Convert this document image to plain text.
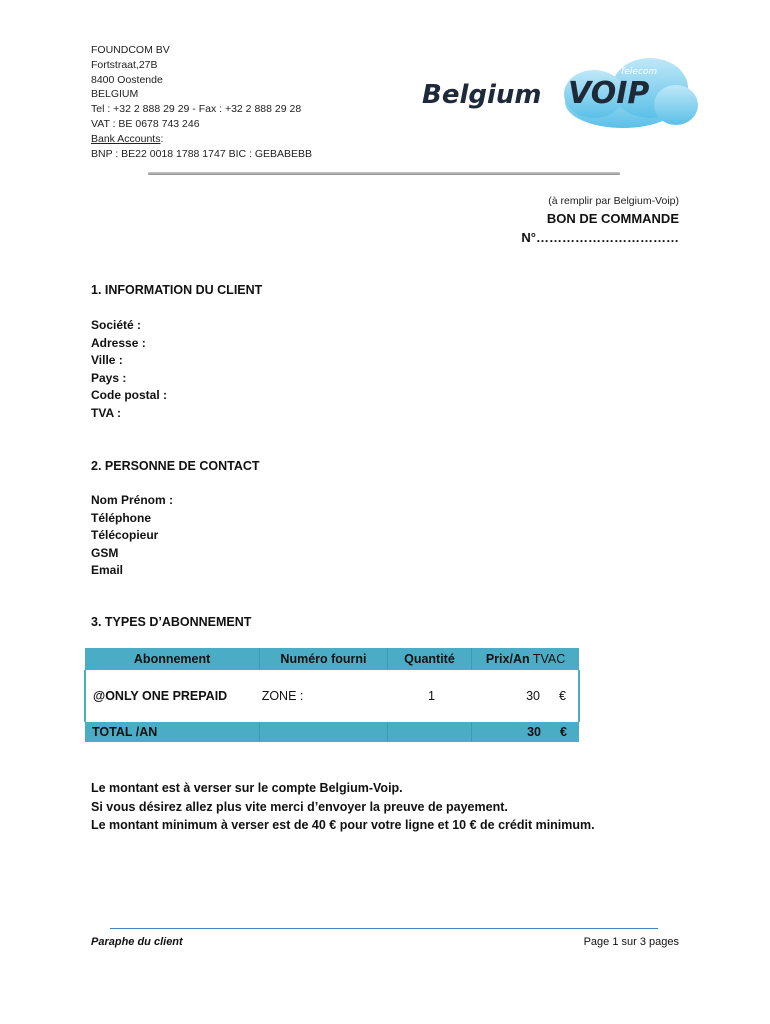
FOUNDCOM BV
Fortstraat,27B
8400 Oostende
BELGIUM
Tel : +32 2 888 29 29 - Fax : +32 2 888 29 28
VAT : BE 0678 743 246
Bank Accounts:
BNP : BE22 0018 1788 1747 BIC : GEBABEBB
Belgium VOIP
Telecom
(à remplir par Belgium-Voip)
BON DE COMMANDE
N°……………………………
1. INFORMATION DU CLIENT
Société :
Adresse :
Ville :
Pays :
Code postal :
TVA :
2. PERSONNE DE CONTACT
Nom Prénom :
Téléphone
Télécopieur
GSM
Email
3. TYPES D’ABONNEMENT
Abonnement	Numéro fourni	Quantité	Prix/An TVAC
@ONLY ONE PREPAID	ZONE :	1	30 €

TOTAL /AN			30 €
Le montant est à verser sur le compte Belgium-Voip.
Si vous désirez allez plus vite merci d’envoyer la preuve de payement.
Le montant minimum à verser est de 40 € pour votre ligne et 10 € de crédit minimum.
Paraphe du client	Page 1 sur 3 pages
